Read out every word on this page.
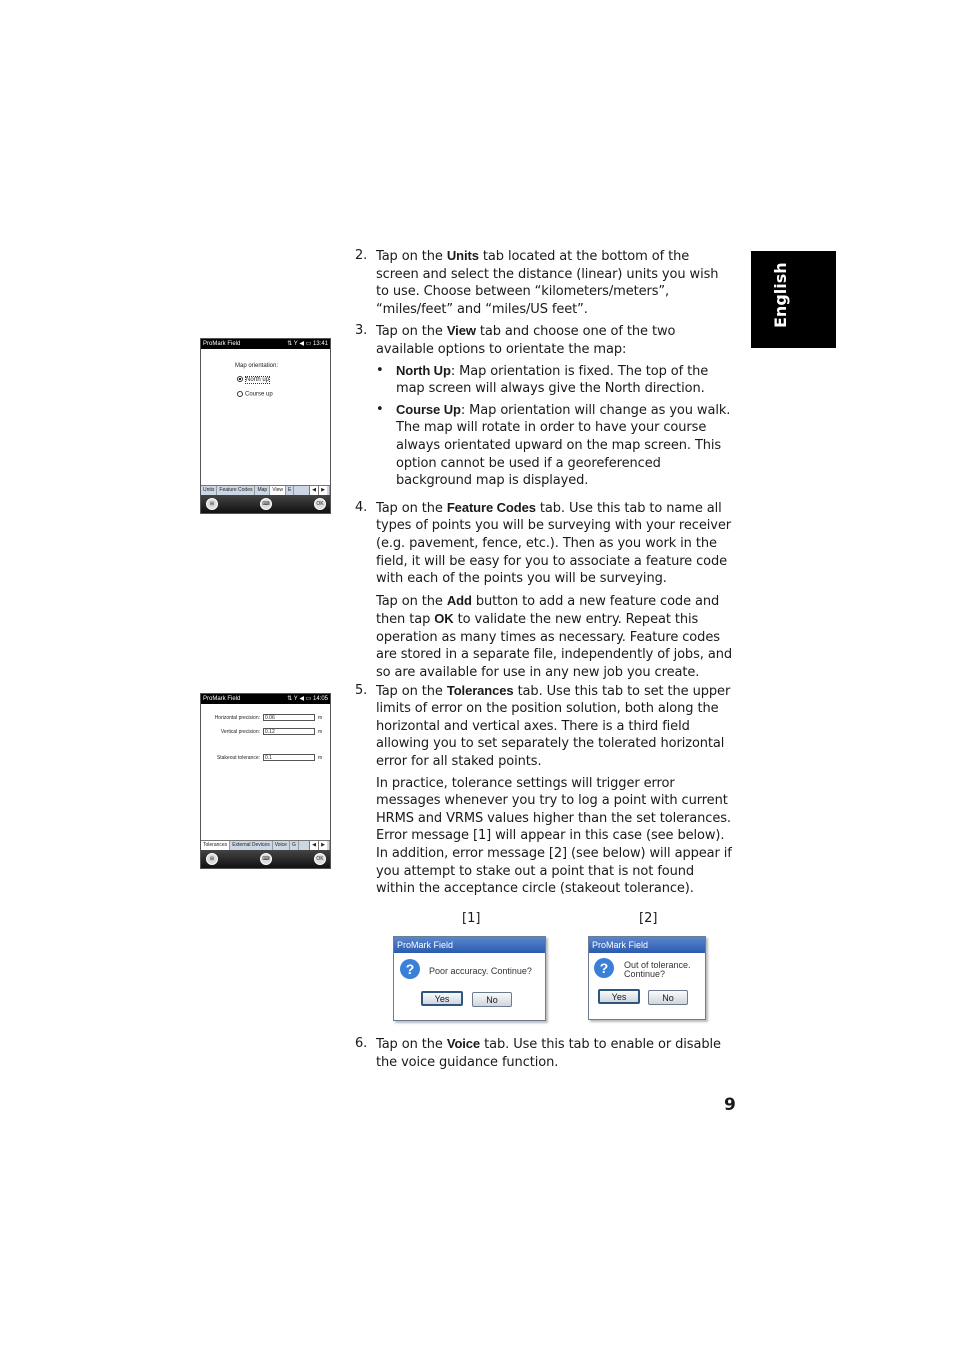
English
ProMark Field	⇅ Y ◀ ▭ 13:41
Map orientation:
North up
Course up
Units	Feature Codes	Map	View	E	◀	▶
⊞	⌨	OK
ProMark Field	⇅ Y ◀ ▭ 14:05
Horizontal precision:	0.06	m
Vertical precision:	0.12	m
Stakeout tolerance:	0.1	m
Tolerances	External Devices	Voice	G	◀	▶
⊞	⌨	OK
2. Tap on the Units tab located at the bottom of the screen and select the distance (linear) units you wish to use. Choose between “kilometers/meters”, “miles/feet” and “miles/US feet”.

3. Tap on the View tab and choose one of the two available options to orientate the map:

• North Up: Map orientation is fixed. The top of the map screen will always give the North direction.
• Course Up: Map orientation will change as you walk. The map will rotate in order to have your course always orientated upward on the map screen. This option cannot be used if a georeferenced background map is displayed.
4. Tap on the Feature Codes tab. Use this tab to name all types of points you will be surveying with your receiver (e.g. pavement, fence, etc.). Then as you work in the field, it will be easy for you to associate a feature code with each of the points you will be surveying.

Tap on the Add button to add a new feature code and then tap OK to validate the new entry. Repeat this operation as many times as necessary. Feature codes are stored in a separate file, independently of jobs, and so are available for use in any new job you create.

5. Tap on the Tolerances tab. Use this tab to set the upper limits of error on the position solution, both along the horizontal and vertical axes. There is a third field allowing you to set separately the tolerated horizontal error for all staked points.

In practice, tolerance settings will trigger error messages whenever you try to log a point with current HRMS and VRMS values higher than the set tolerances. Error message [1] will appear in this case (see below). In addition, error message [2] (see below) will appear if you attempt to stake out a point that is not found within the acceptance circle (stakeout tolerance).

[1]	[2]
ProMark Field
?	Poor accuracy. Continue?
Yes	No
ProMark Field
?	Out of tolerance.
Continue?
Yes	No
6. Tap on the Voice tab. Use this tab to enable or disable the voice guidance function.

9
